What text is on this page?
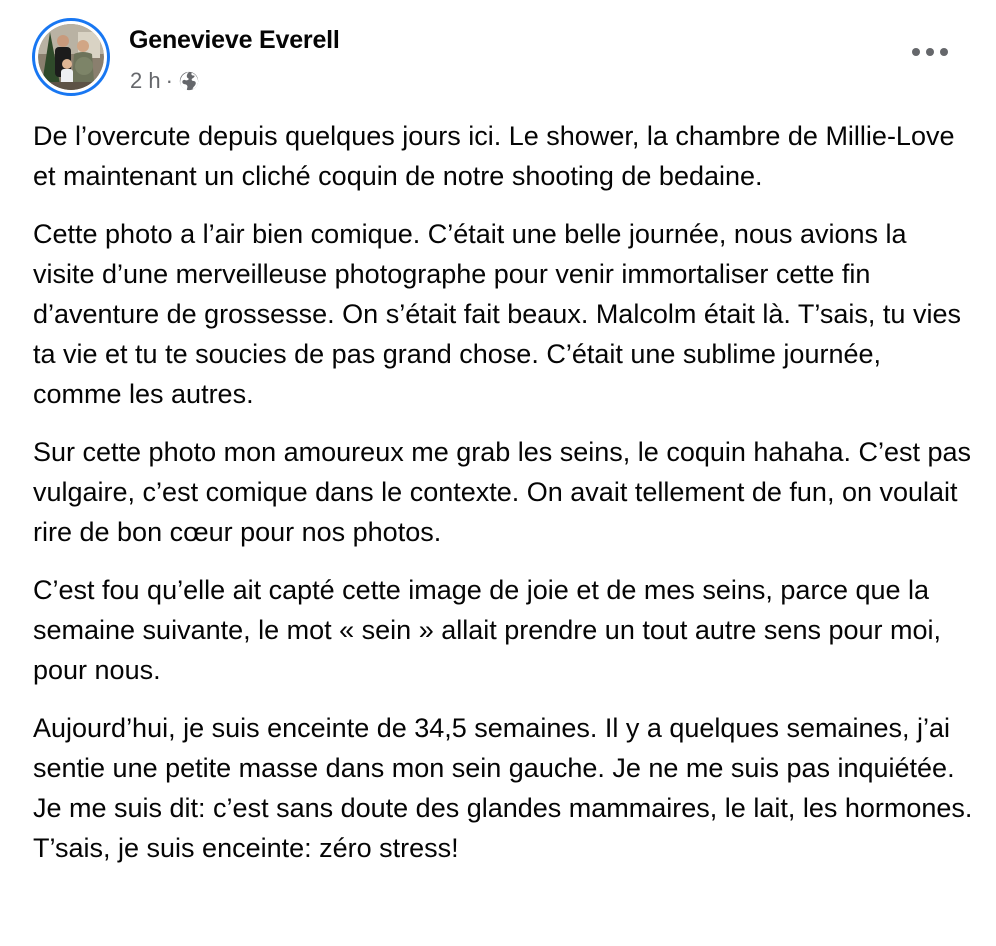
Genevieve Everell
2 h ·

De l’overcute depuis quelques jours ici. Le shower, la chambre de Millie-Love et maintenant un cliché coquin de notre shooting de bedaine.

Cette photo a l’air bien comique. C’était une belle journée, nous avions la visite d’une merveilleuse photographe pour venir immortaliser cette fin d’aventure de grossesse. On s’était fait beaux. Malcolm était là. T’sais, tu vies ta vie et tu te soucies de pas grand chose. C’était une sublime journée, comme les autres.

Sur cette photo mon amoureux me grab les seins, le coquin hahaha. C’est pas vulgaire, c’est comique dans le contexte. On avait tellement de fun, on voulait rire de bon cœur pour nos photos.

C’est fou qu’elle ait capté cette image de joie et de mes seins, parce que la semaine suivante, le mot « sein » allait prendre un tout autre sens pour moi, pour nous.

Aujourd’hui, je suis enceinte de 34,5 semaines. Il y a quelques semaines, j’ai sentie une petite masse dans mon sein gauche. Je ne me suis pas inquiétée. Je me suis dit: c’est sans doute des glandes mammaires, le lait, les hormones. T’sais, je suis enceinte: zéro stress!
